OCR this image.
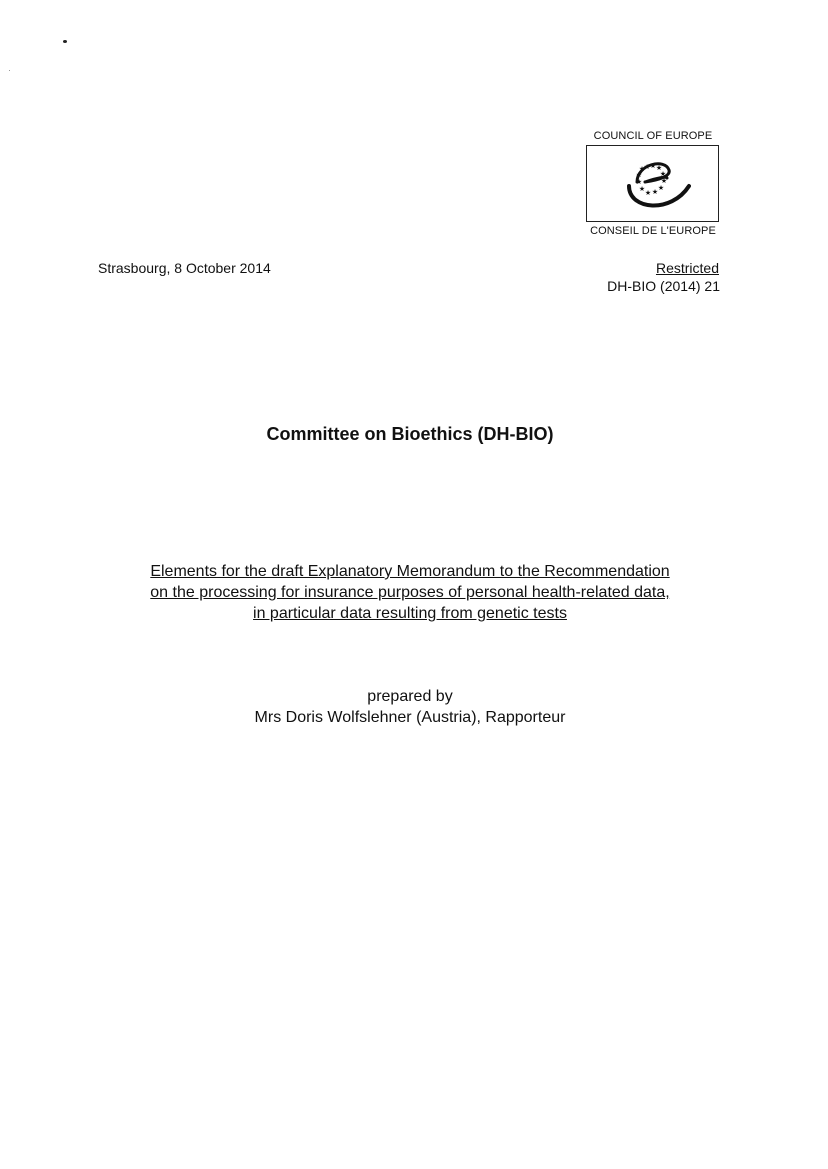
COUNCIL OF EUROPE
★ ★ ★
★
★
★
★
★
★
★
★
★
CONSEIL DE L'EUROPE
Strasbourg, 8 October 2014	Restricted
DH-BIO (2014) 21
Committee on Bioethics (DH-BIO)
Elements for the draft Explanatory Memorandum to the Recommendation
on the processing for insurance purposes of personal health-related data,
in particular data resulting from genetic tests
prepared by
Mrs Doris Wolfslehner (Austria), Rapporteur
